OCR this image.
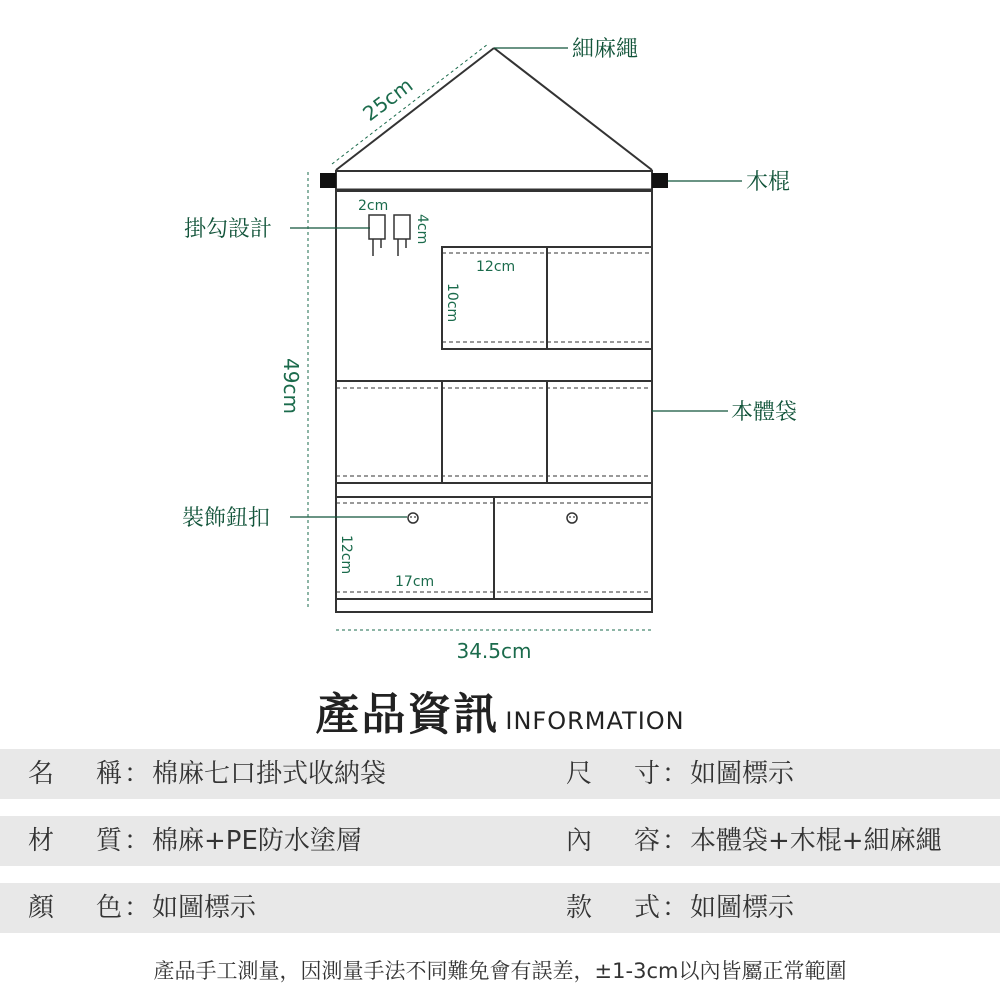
25cm
細麻繩
木棍
2cm
4cm
掛勾設計
12cm
10cm
本體袋
裝飾鈕扣
12cm
17cm
49cm
34.5cm
產品資訊 INFORMATION
名稱：棉麻七口掛式收納袋	尺寸：如圖標示
材質：棉麻+PE防水塗層	內容：本體袋+木棍+細麻繩
顏色：如圖標示	款式：如圖標示
產品手工測量，因測量手法不同難免會有誤差，±1-3cm以內皆屬正常範圍
